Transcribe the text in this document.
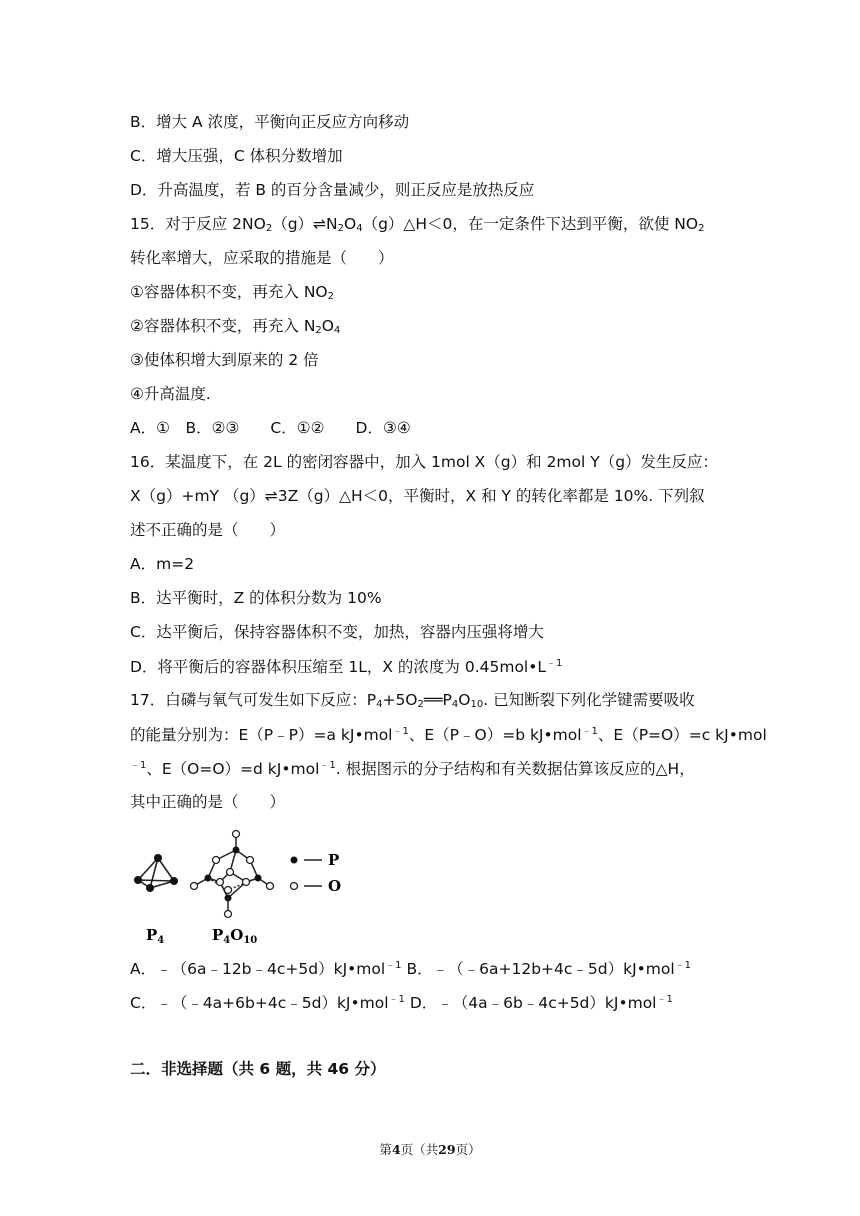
B．增大 A 浓度，平衡向正反应方向移动
C．增大压强，C 体积分数增加
D．升高温度，若 B 的百分含量减少，则正反应是放热反应
15．对于反应 $2NO_2(g)\rightleftharpoons N_2O_4(g)\triangle H<0$，在一定条件下达到平衡，欲使 $NO_2$
转化率增大，应采取的措施是（　　）
①容器体积不变，再充入 $NO_2$
②容器体积不变，再充入 $N_2O_4$
③使体积增大到原来的 2 倍
④升高温度.
A．①　B．②③　　C．①②　　D．③④
16．某温度下，在 2L 的密闭容器中，加入 1mol X（g）和 2mol Y（g）发生反应：
X（g）+mY （g）⇌3Z（g）△H＜0，平衡时，X 和 Y 的转化率都是 10%. 下列叙
述不正确的是（　　）
A．m=2
B．达平衡时，Z 的体积分数为 10%
C．达平衡后，保持容器体积不变，加热，容器内压强将增大
D．将平衡后的容器体积压缩至 1L，X 的浓度为 $0.45mol•L^{﹣1}$
17．白磷与氧气可发生如下反应：$P_4+5O_2══P_4O_{10}$. 已知断裂下列化学键需要吸收
的能量分别为：E（P﹣P）=a kJ•mol$^{﹣1}$、E（P﹣O）=b kJ•mol$^{﹣1}$、E（P=O）=c kJ•mol
$^{﹣1}$、E（O=O）=d kJ•mol$^{﹣1}$. 根据图示的分子结构和有关数据估算该反应的△H，
其中正确的是（　　）
P
O
$P_4$	$P_4O_{10}$
A．﹣（6a﹣12b﹣4c+5d）kJ•mol$^{﹣1}$ B．﹣（﹣6a+12b+4c﹣5d）kJ•mol$^{﹣1}$
C．﹣（﹣4a+6b+4c﹣5d）kJ•mol$^{﹣1}$ D．﹣（4a﹣6b﹣4c+5d）kJ•mol$^{﹣1}$
二．非选择题（共 6 题，共 46 分）
第4页（共29页）
